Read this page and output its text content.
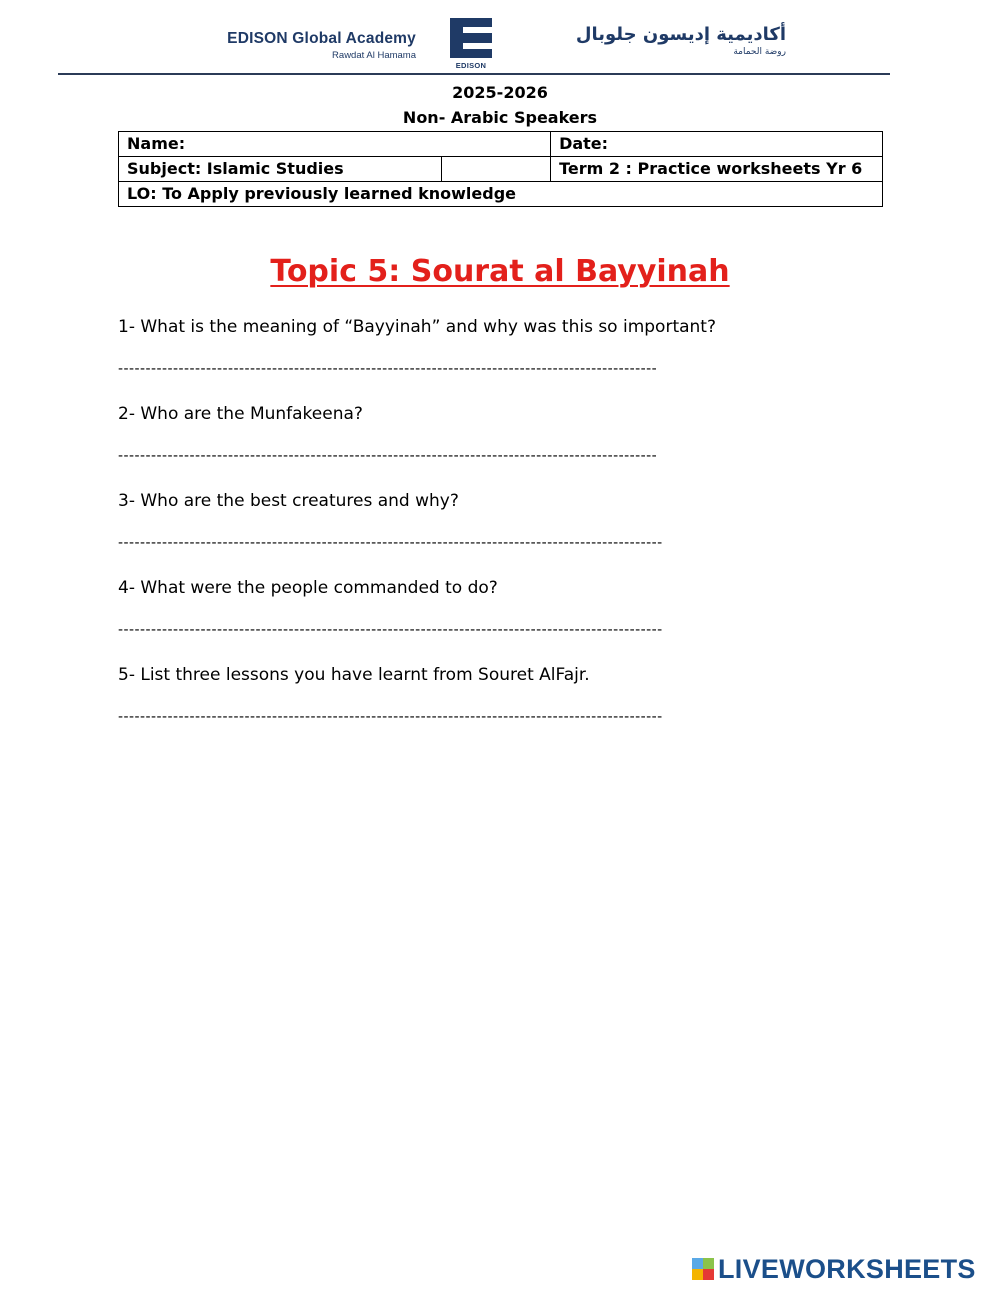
EDISON Global Academy
Rawdat Al Hamama
EDISON
أكاديمية إديسون جلوبال
روضة الحمامة
2025-2026
Non- Arabic Speakers
Name:		Date:
Subject: Islamic Studies		Term 2 : Practice worksheets Yr 6
LO: To Apply previously learned knowledge		
Topic 5: Sourat al Bayyinah
1- What is the meaning of “Bayyinah” and why was this so important?
--------------------------------------------------------------------------------------------------
2- Who are the Munfakeena?
--------------------------------------------------------------------------------------------------
3- Who are the best creatures and why?
---------------------------------------------------------------------------------------------------
4- What were the people commanded to do?
---------------------------------------------------------------------------------------------------
5- List three lessons you have learnt from Souret AlFajr.
---------------------------------------------------------------------------------------------------
LIVEWORKSHEETS
